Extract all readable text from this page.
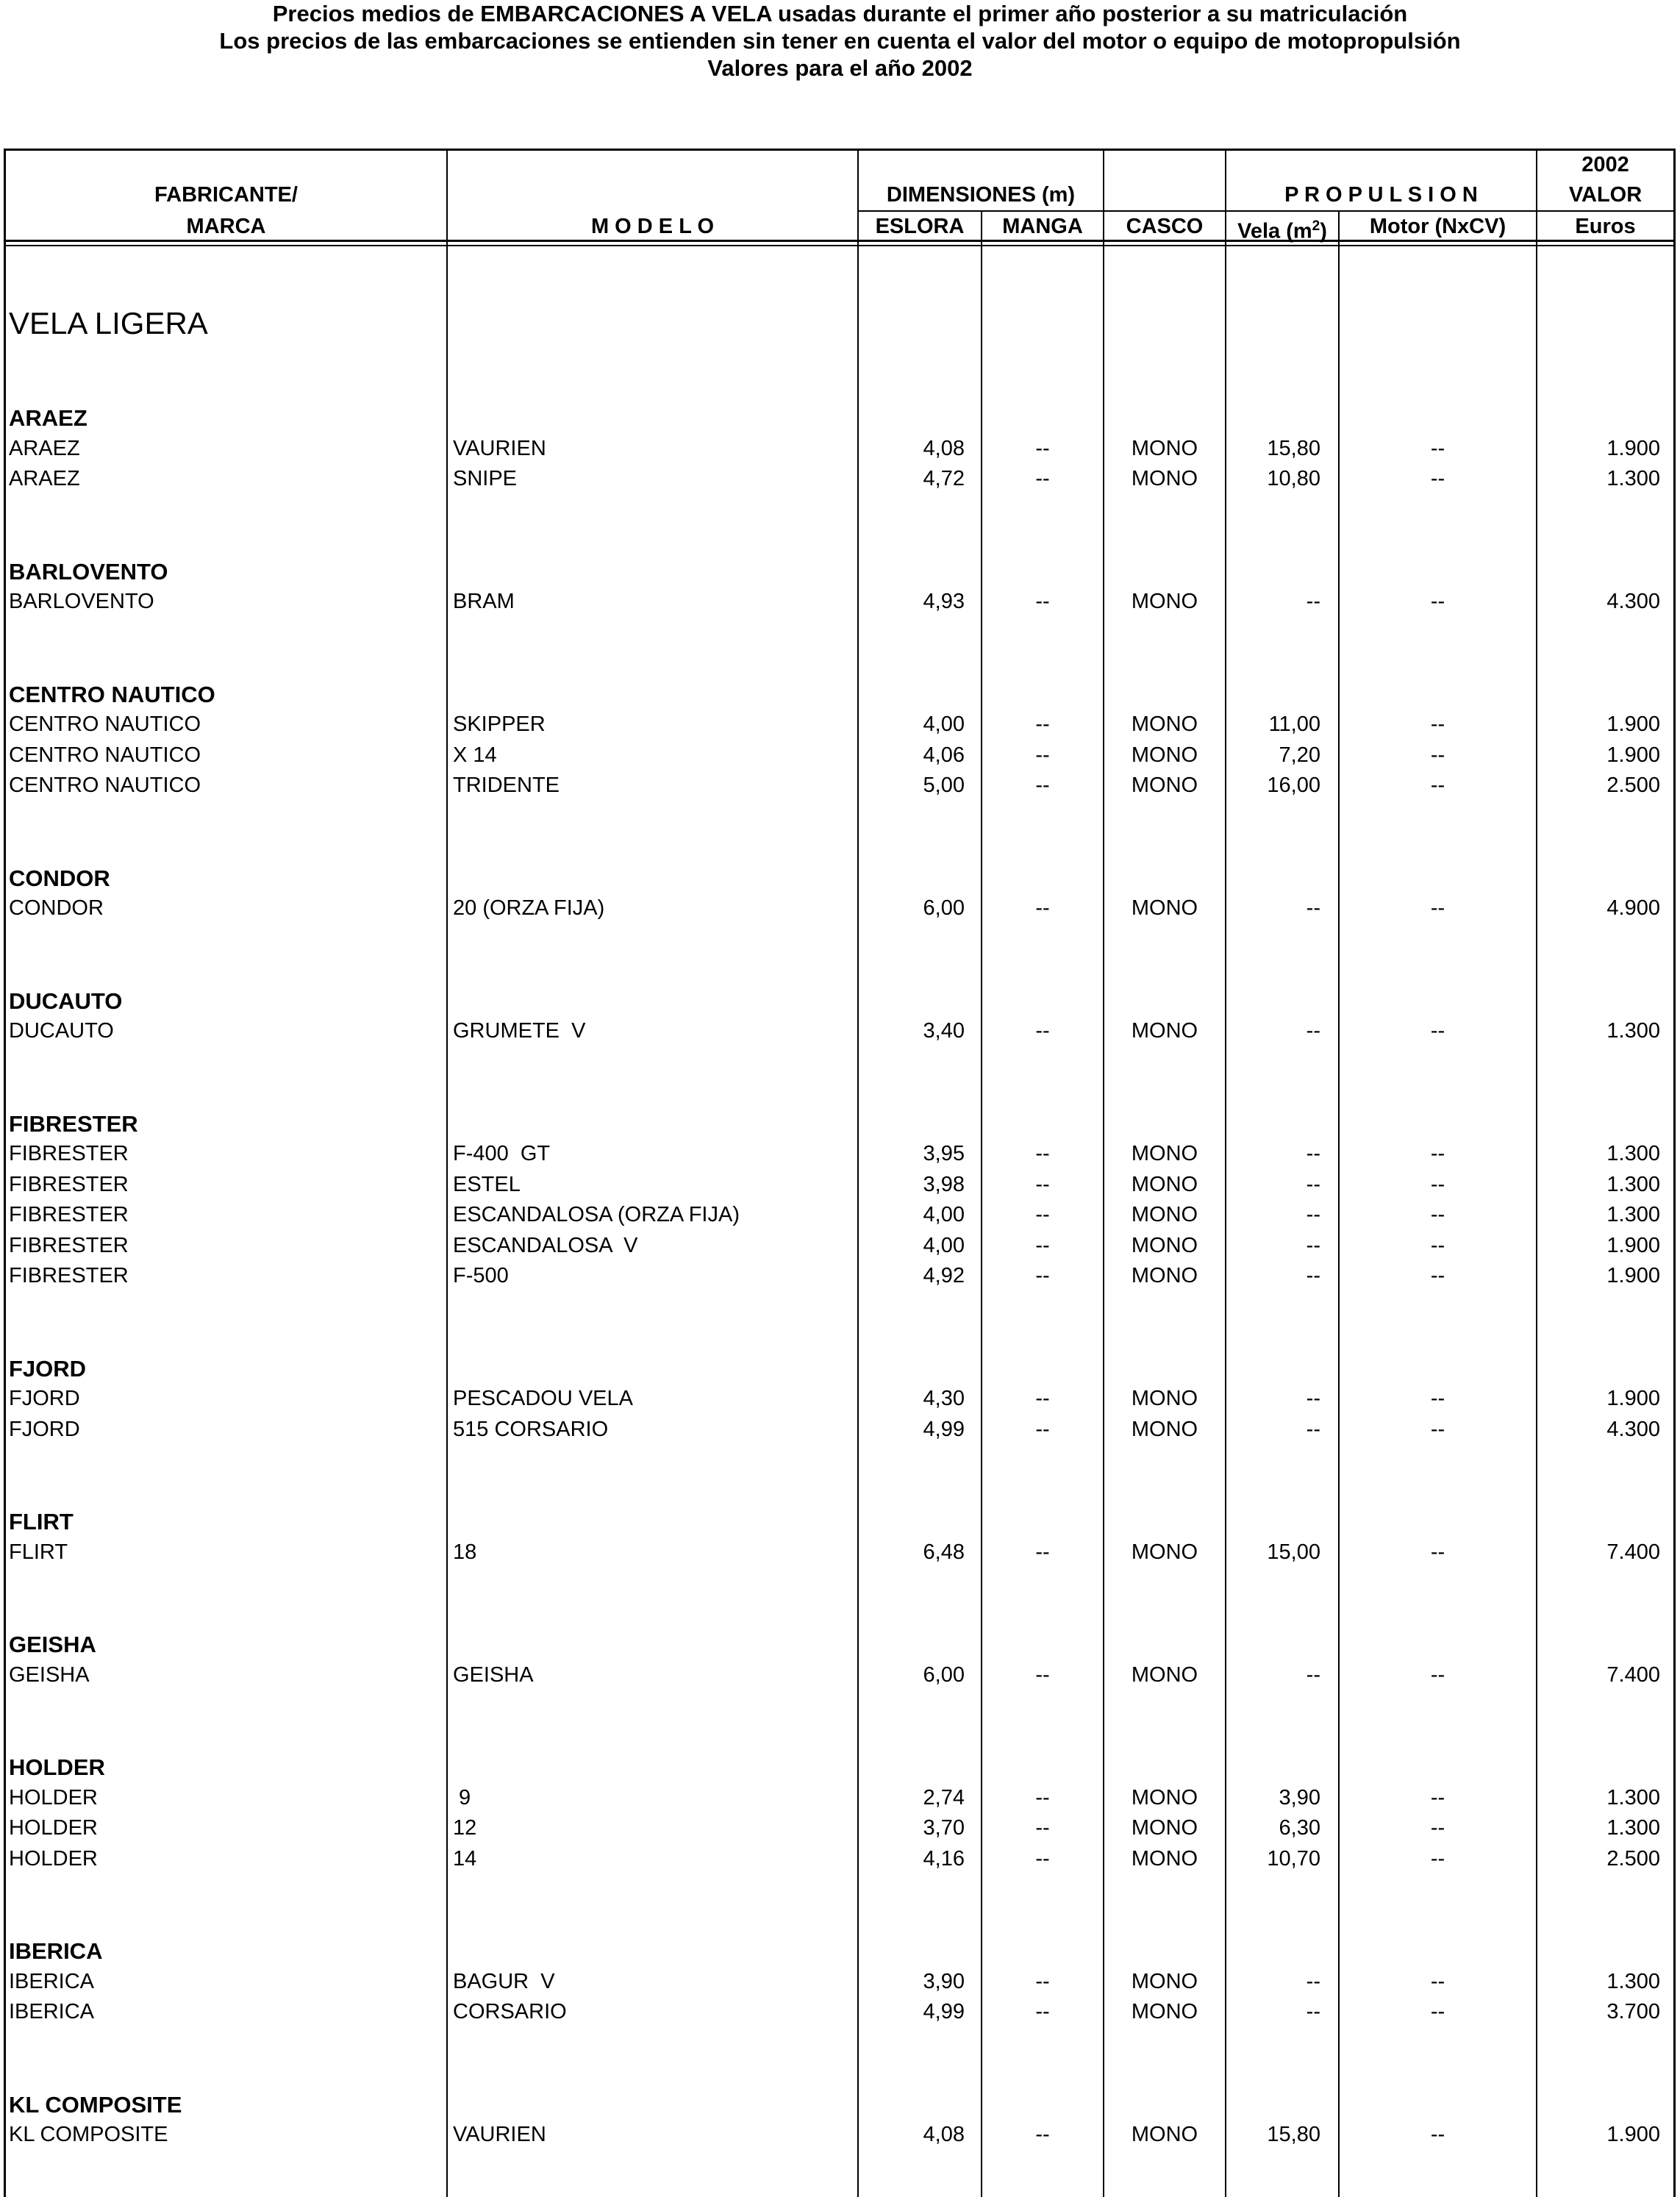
Precios medios de EMBARCACIONES A VELA usadas durante el primer año posterior a su matriculación
Los precios de las embarcaciones se entienden sin tener en cuenta el valor del motor o equipo de motopropulsión
Valores para el año 2002
FABRICANTE/
MARCA	M O D E L O
DIMENSIONES (m)
ESLORA	MANGA	CASCO
P R O P U L S I O N
Vela $(m^2)$	Motor (NxCV)
2002
VALOR
Euros
VELA LIGERA
ARAEZ
ARAEZ	VAURIEN	4,08	--	MONO	15,80	--	1.900
ARAEZ	SNIPE	4,72	--	MONO	10,80	--	1.300
BARLOVENTO
BARLOVENTO	BRAM	4,93	--	MONO	--	--	4.300
CENTRO NAUTICO
CENTRO NAUTICO	SKIPPER	4,00	--	MONO	11,00	--	1.900
CENTRO NAUTICO	X 14	4,06	--	MONO	7,20	--	1.900
CENTRO NAUTICO	TRIDENTE	5,00	--	MONO	16,00	--	2.500
CONDOR
CONDOR	20 (ORZA FIJA)	6,00	--	MONO	--	--	4.900
DUCAUTO
DUCAUTO	GRUMETE  V	3,40	--	MONO	--	--	1.300
FIBRESTER
FIBRESTER	F-400  GT	3,95	--	MONO	--	--	1.300
FIBRESTER	ESTEL	3,98	--	MONO	--	--	1.300
FIBRESTER	ESCANDALOSA (ORZA FIJA)	4,00	--	MONO	--	--	1.300
FIBRESTER	ESCANDALOSA  V	4,00	--	MONO	--	--	1.900
FIBRESTER	F-500	4,92	--	MONO	--	--	1.900
FJORD
FJORD	PESCADOU VELA	4,30	--	MONO	--	--	1.900
FJORD	515 CORSARIO	4,99	--	MONO	--	--	4.300
FLIRT
FLIRT	18	6,48	--	MONO	15,00	--	7.400
GEISHA
GEISHA	GEISHA	6,00	--	MONO	--	--	7.400
HOLDER
HOLDER	9	2,74	--	MONO	3,90	--	1.300
HOLDER	12	3,70	--	MONO	6,30	--	1.300
HOLDER	14	4,16	--	MONO	10,70	--	2.500
IBERICA
IBERICA	BAGUR  V	3,90	--	MONO	--	--	1.300
IBERICA	CORSARIO	4,99	--	MONO	--	--	3.700
KL COMPOSITE
KL COMPOSITE	VAURIEN	4,08	--	MONO	15,80	--	1.900
